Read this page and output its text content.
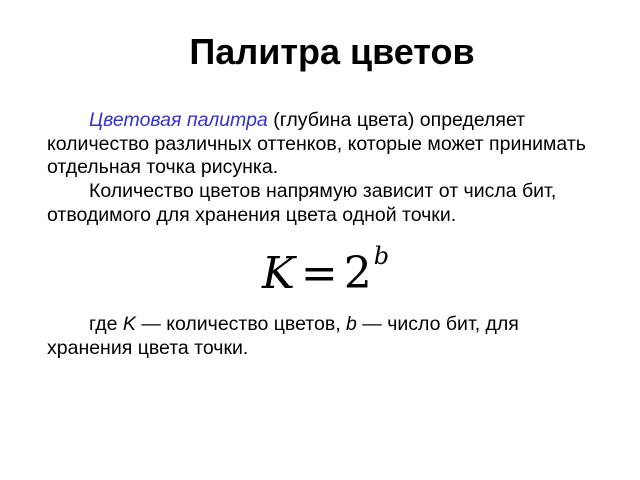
Палитра цветов

Цветовая палитра (глубина цвета) определяет количество различных оттенков, которые может принимать отдельная точка рисунка.

Количество цветов напрямую зависит от числа бит, отводимого для хранения цвета одной точки.

$K = 2^b$

где K — количество цветов, b — число бит, для хранения цвета точки.
